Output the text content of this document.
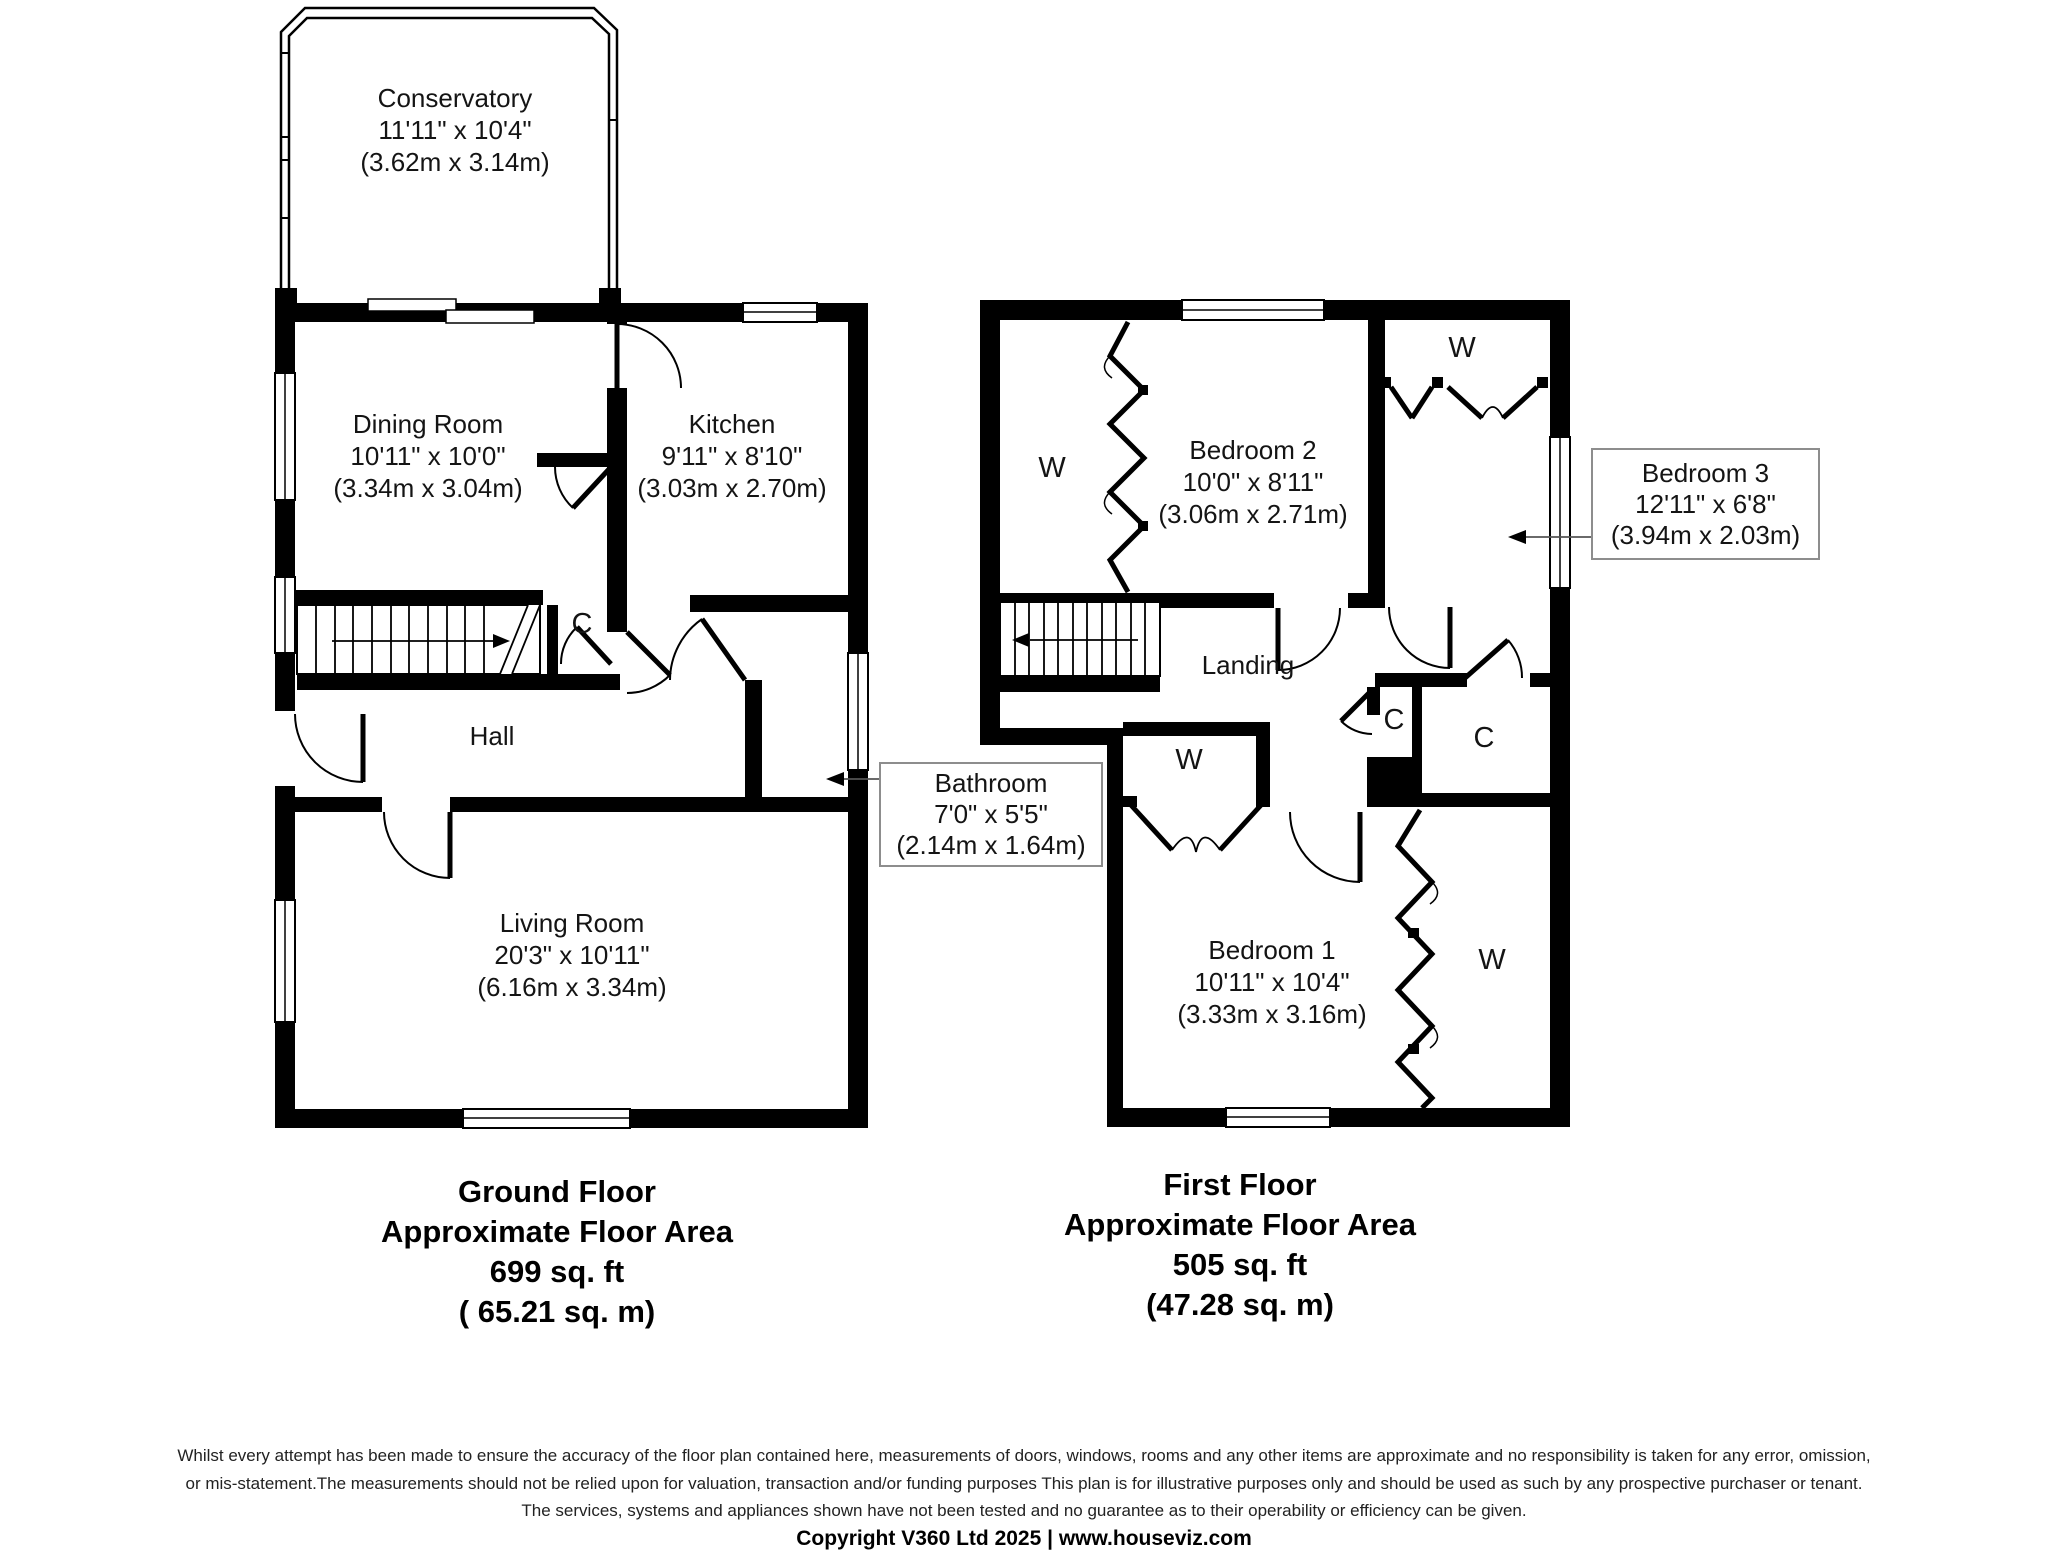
Conservatory
11'11" x 10'4"
(3.62m x 3.14m)
Dining Room
10'11" x 10'0"
(3.34m x 3.04m)
Kitchen
9'11" x 8'10"
(3.03m x 2.70m)
Hall
Living Room
20'3" x 10'11"
(6.16m x 3.34m)
C
Bathroom
7'0" x 5'5"
(2.14m x 1.64m)
Bedroom 2
10'0" x 8'11"
(3.06m x 2.71m)
Landing
Bedroom 1
10'11" x 10'4"
(3.33m x 3.16m)
Bedroom 3
12'11" x 6'8"
(3.94m x 2.03m)
W
W
W
C
C
W
Ground Floor
Approximate Floor Area
699 sq. ft
( 65.21 sq. m)
First Floor
Approximate Floor Area
505 sq. ft
(47.28 sq. m)
Whilst every attempt has been made to ensure the accuracy of the floor plan contained here, measurements of doors, windows, rooms and any other items are approximate and no responsibility is taken for any error, omission,
or mis-statement.The measurements should not be relied upon for valuation, transaction and/or funding purposes This plan is for illustrative purposes only and should be used as such by any prospective purchaser or tenant.
The services, systems and appliances shown have not been tested and no guarantee as to their operability or efficiency can be given.
Copyright V360 Ltd 2025 | www.houseviz.com
